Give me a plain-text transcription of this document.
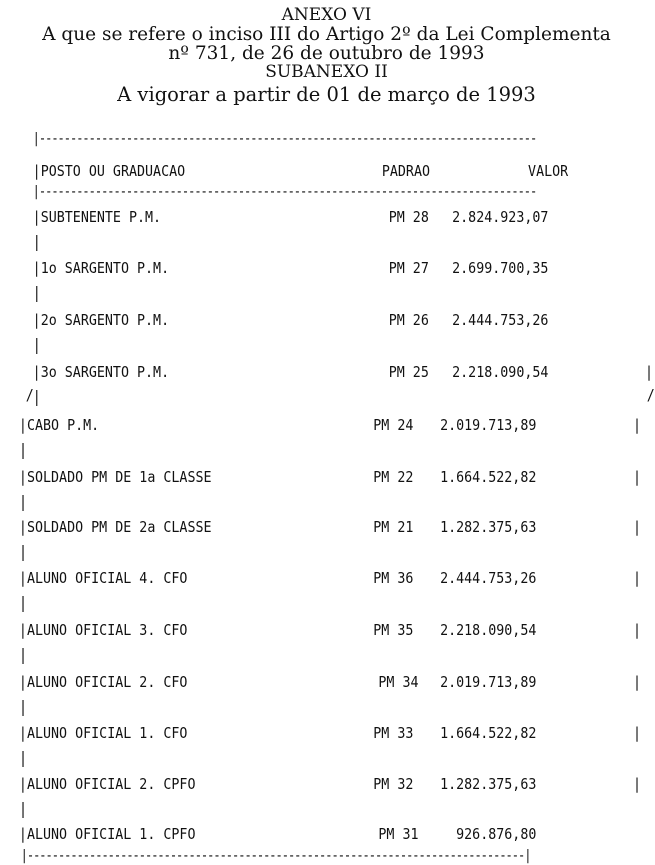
ANEXO VI
A que se refere o inciso III do Artigo 2º da Lei Complementa
nº 731, de 26 de outubro de 1993
SUBANEXO II
A vigorar a partir de 01 de março de 1993
|--------------------------------------------------------------------------------
|POSTO OU GRADUACAO	PADRAO	VALOR
|--------------------------------------------------------------------------------
|SUBTENENTE P.M.	PM 28 2.824.923,07
|
|1o SARGENTO P.M.	PM 27 2.699.700,35
|
|2o SARGENTO P.M.	PM 26 2.444.753,26
|
|3o SARGENTO P.M.	PM 25 2.218.090,54	|
|
|CABO P.M.	PM 24 2.019.713,89	|
|
|SOLDADO PM DE 1a CLASSE	PM 22 1.664.522,82	|
|
|SOLDADO PM DE 2a CLASSE	PM 21 1.282.375,63	|
|
|ALUNO OFICIAL 4. CFO	PM 36 2.444.753,26	|
|
|ALUNO OFICIAL 3. CFO	PM 35 2.218.090,54	|
|
|ALUNO OFICIAL 2. CFO	PM 34 2.019.713,89	|
|
|ALUNO OFICIAL 1. CFO	PM 33 1.664.522,82	|
|
|ALUNO OFICIAL 2. CPFO	PM 32 1.282.375,63	|
|
|ALUNO OFICIAL 1. CPFO	PM 31 926.876,80
/	/
|--------------------------------------------------------------------------------|
